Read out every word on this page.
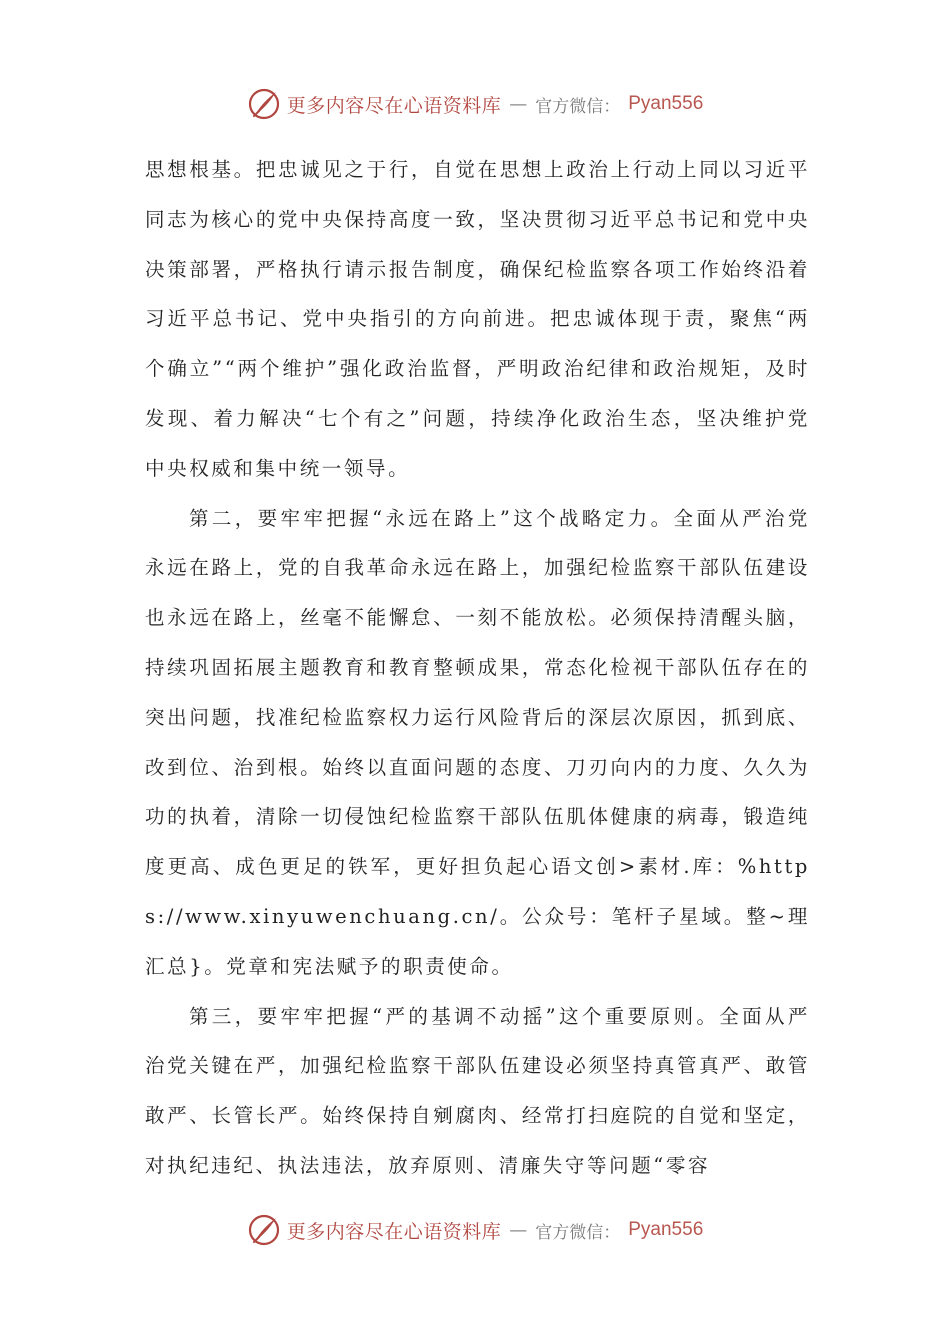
更多内容尽在心语资料库 — 官方微信： Pyan556

思想根基。把忠诚见之于行，自觉在思想上政治上行动上同以习近平同志为核心的党中央保持高度一致，坚决贯彻习近平总书记和党中央决策部署，严格执行请示报告制度，确保纪检监察各项工作始终沿着习近平总书记、党中央指引的方向前进。把忠诚体现于责，聚焦“两个确立”“两个维护”强化政治监督，严明政治纪律和政治规矩，及时发现、着力解决“七个有之”问题，持续净化政治生态，坚决维护党中央权威和集中统一领导。

第二，要牢牢把握“永远在路上”这个战略定力。全面从严治党永远在路上，党的自我革命永远在路上，加强纪检监察干部队伍建设也永远在路上，丝毫不能懈怠、一刻不能放松。必须保持清醒头脑，持续巩固拓展主题教育和教育整顿成果，常态化检视干部队伍存在的突出问题，找准纪检监察权力运行风险背后的深层次原因，抓到底、改到位、治到根。始终以直面问题的态度、刀刃向内的力度、久久为功的执着，清除一切侵蚀纪检监察干部队伍肌体健康的病毒，锻造纯度更高、成色更足的铁军，更好担负起心语文创>素材.库：%https://www.xinyuwenchuang.cn/。公众号：笔杆子星域。整~理汇总}。党章和宪法赋予的职责使命。

第三，要牢牢把握“严的基调不动摇”这个重要原则。全面从严治党关键在严，加强纪检监察干部队伍建设必须坚持真管真严、敢管敢严、长管长严。始终保持自剜腐肉、经常打扫庭院的自觉和坚定，对执纪违纪、执法违法，放弃原则、清廉失守等问题“零容

更多内容尽在心语资料库 — 官方微信： Pyan556
